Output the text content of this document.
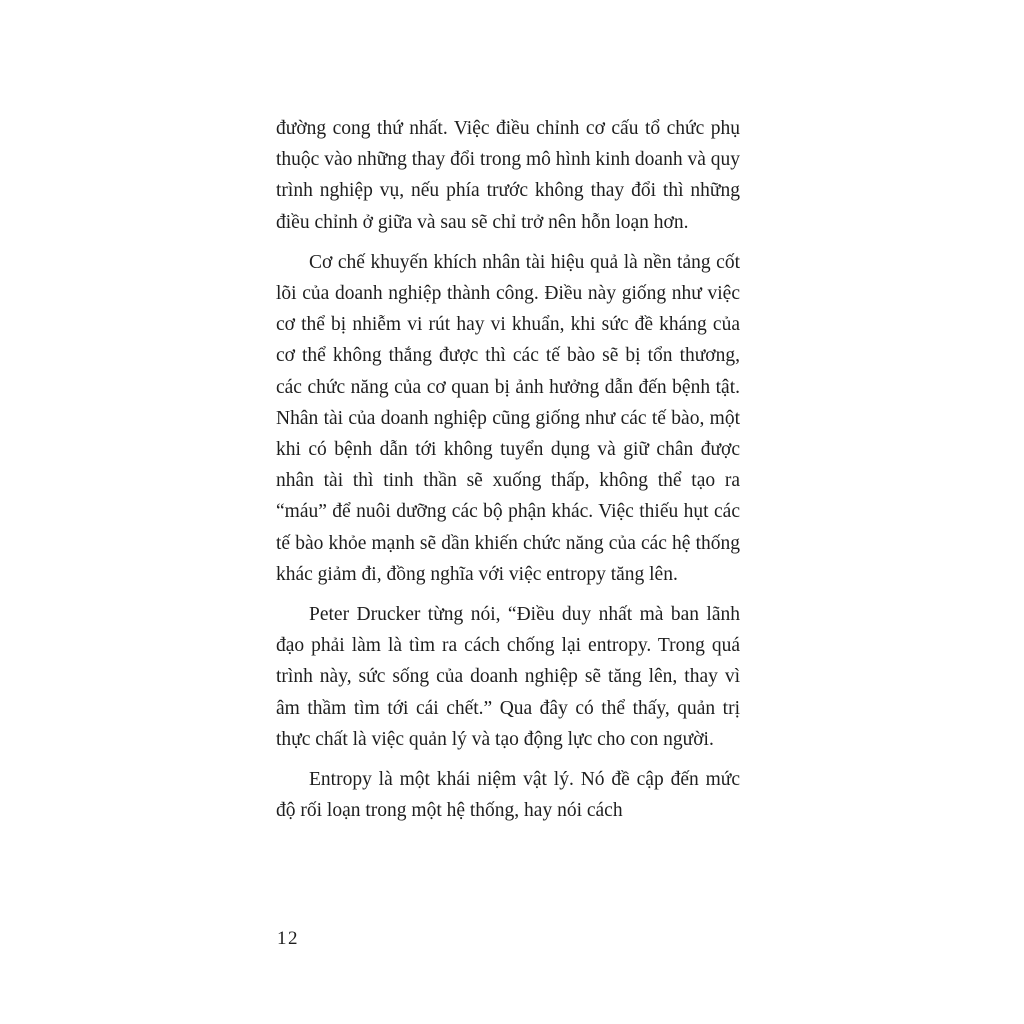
đường cong thứ nhất. Việc điều chỉnh cơ cấu tổ chức phụ thuộc vào những thay đổi trong mô hình kinh doanh và quy trình nghiệp vụ, nếu phía trước không thay đổi thì những điều chỉnh ở giữa và sau sẽ chỉ trở nên hỗn loạn hơn.

Cơ chế khuyến khích nhân tài hiệu quả là nền tảng cốt lõi của doanh nghiệp thành công. Điều này giống như việc cơ thể bị nhiễm vi rút hay vi khuẩn, khi sức đề kháng của cơ thể không thắng được thì các tế bào sẽ bị tổn thương, các chức năng của cơ quan bị ảnh hưởng dẫn đến bệnh tật. Nhân tài của doanh nghiệp cũng giống như các tế bào, một khi có bệnh dẫn tới không tuyển dụng và giữ chân được nhân tài thì tinh thần sẽ xuống thấp, không thể tạo ra “máu” để nuôi dưỡng các bộ phận khác. Việc thiếu hụt các tế bào khỏe mạnh sẽ dần khiến chức năng của các hệ thống khác giảm đi, đồng nghĩa với việc entropy tăng lên.

Peter Drucker từng nói, “Điều duy nhất mà ban lãnh đạo phải làm là tìm ra cách chống lại entropy. Trong quá trình này, sức sống của doanh nghiệp sẽ tăng lên, thay vì âm thầm tìm tới cái chết.” Qua đây có thể thấy, quản trị thực chất là việc quản lý và tạo động lực cho con người.

Entropy là một khái niệm vật lý. Nó đề cập đến mức độ rối loạn trong một hệ thống, hay nói cách

12
